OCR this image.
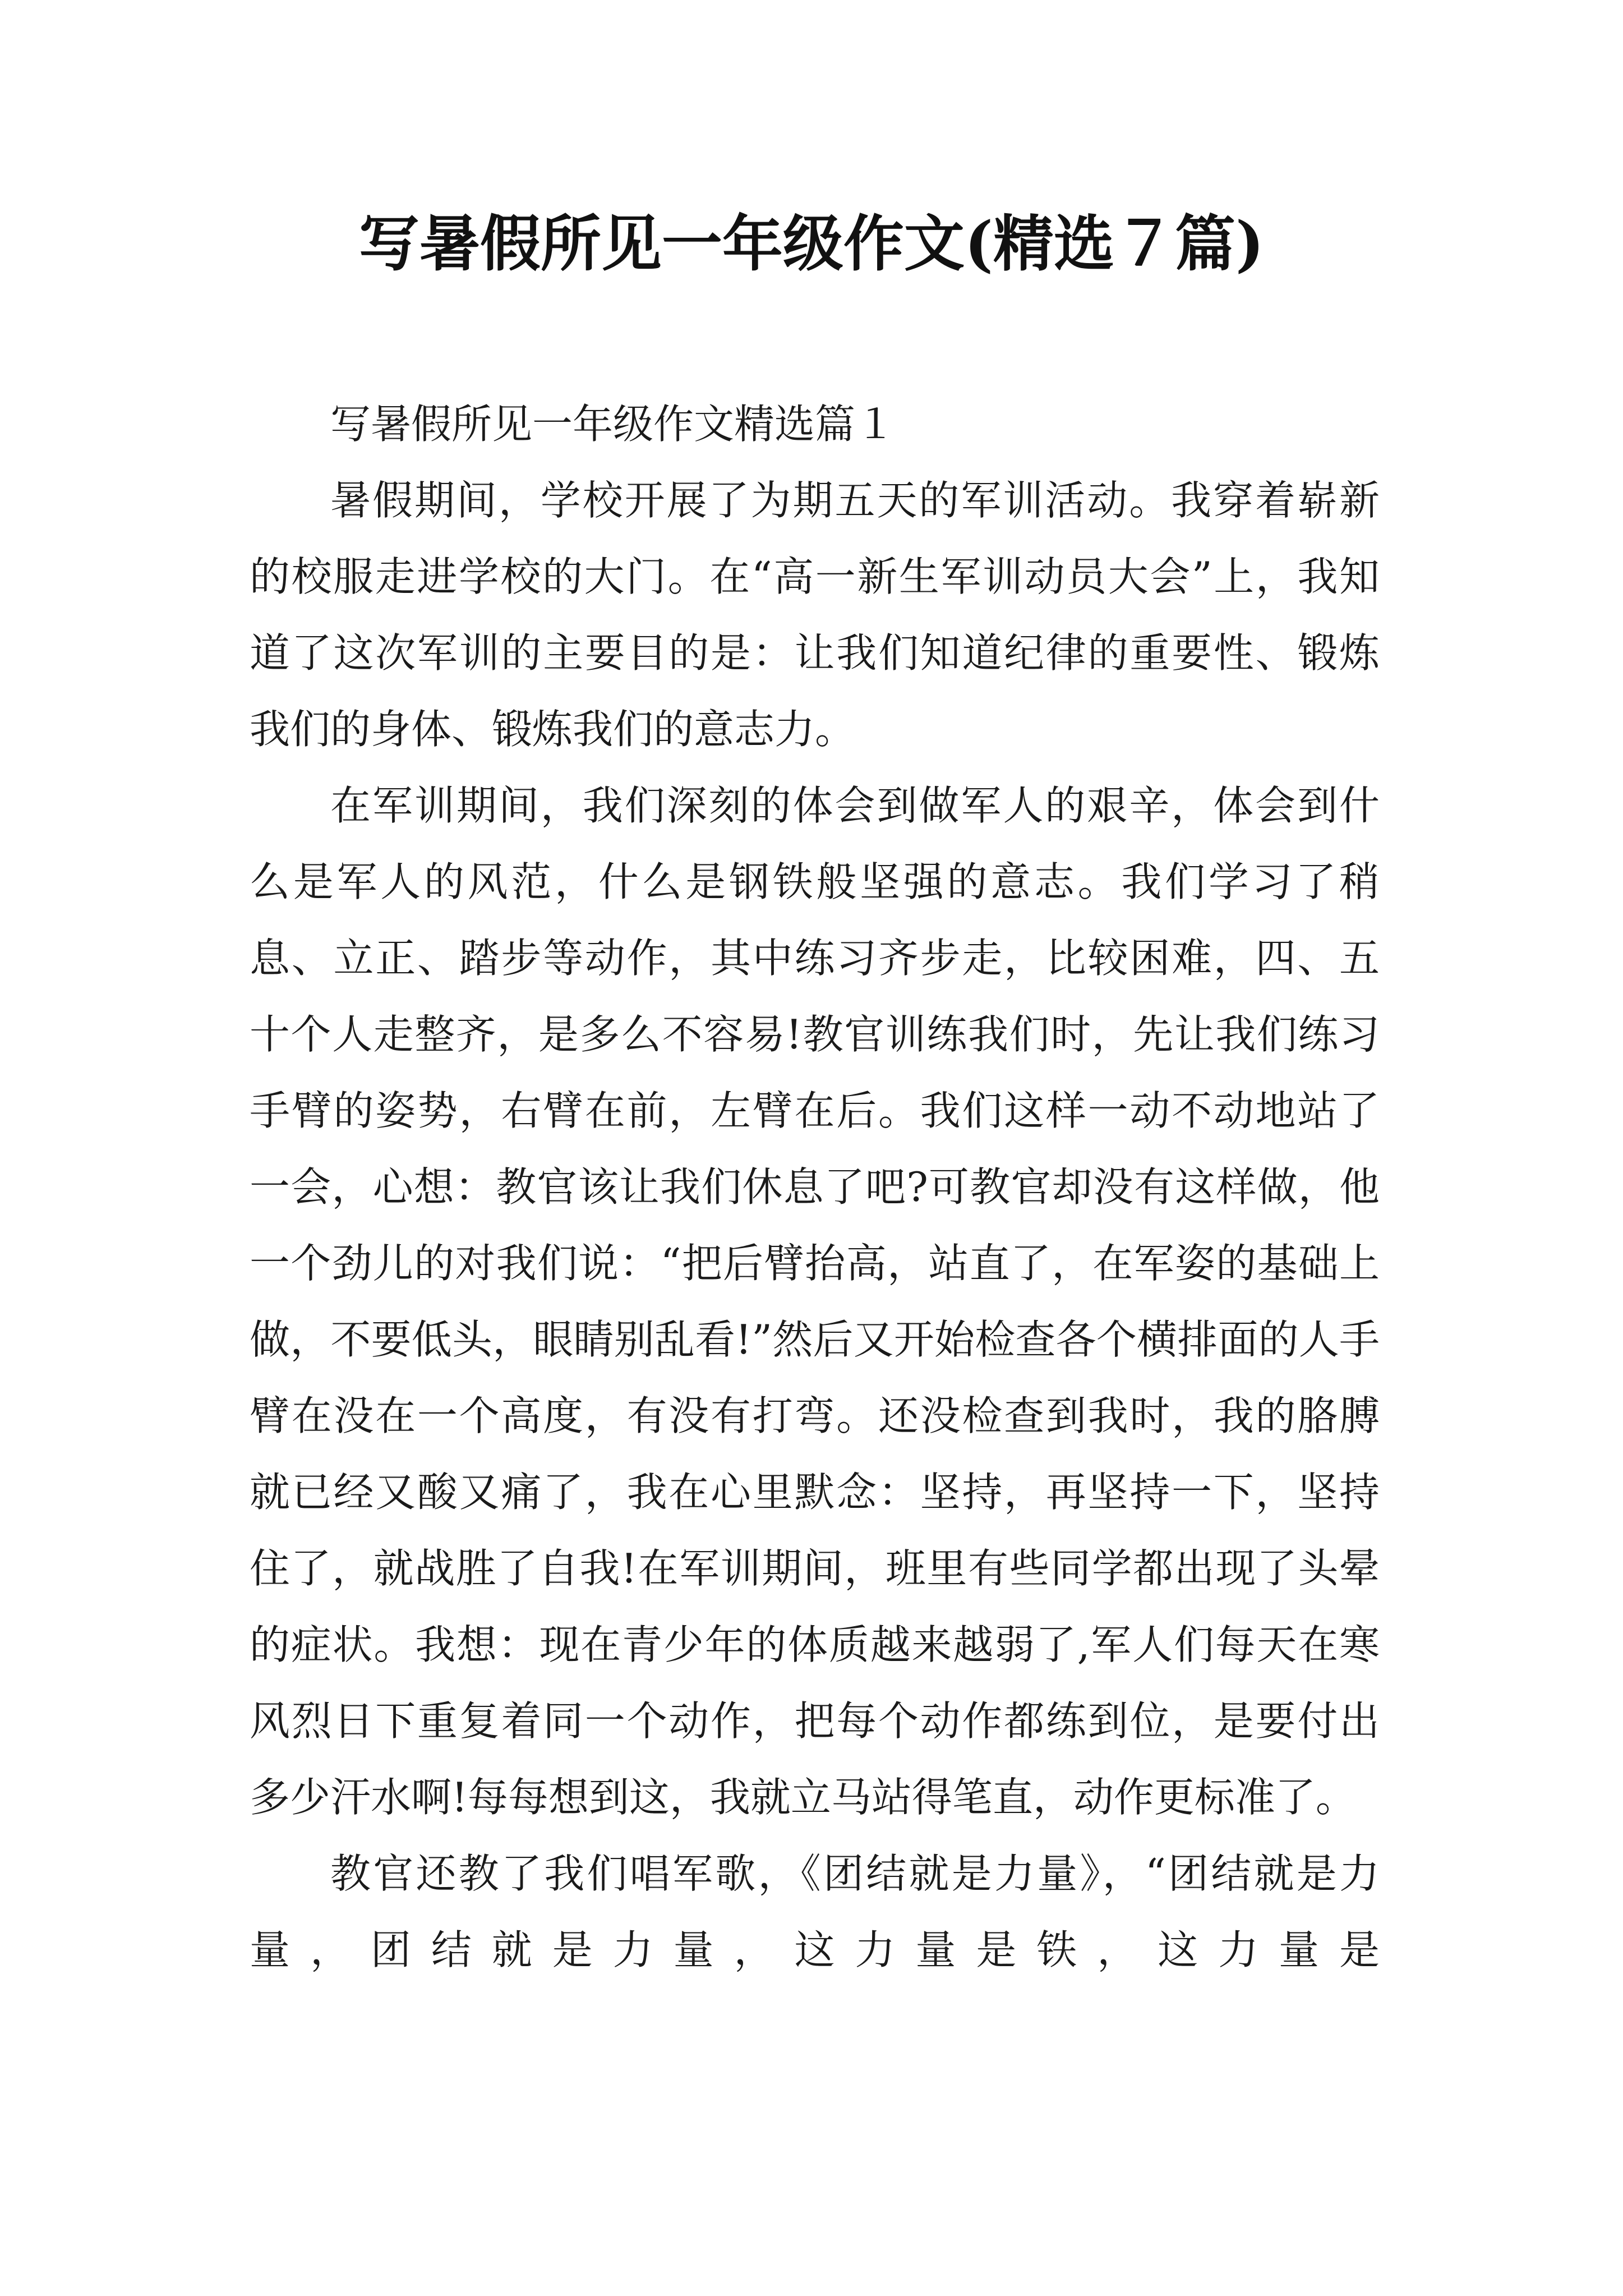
写暑假所见一年级作文(精选７篇)

写暑假所见一年级作文精选篇１

暑假期间，学校开展了为期五天的军训活动。我穿着崭新的校服走进学校的大门。在“高一新生军训动员大会”上，我知道了这次军训的主要目的是：让我们知道纪律的重要性、锻炼我们的身体、锻炼我们的意志力。

在军训期间，我们深刻的体会到做军人的艰辛，体会到什么是军人的风范，什么是钢铁般坚强的意志。我们学习了稍息、立正、踏步等动作，其中练习齐步走，比较困难，四、五十个人走整齐，是多么不容易!教官训练我们时，先让我们练习手臂的姿势，右臂在前，左臂在后。我们这样一动不动地站了一会，心想：教官该让我们休息了吧?可教官却没有这样做，他一个劲儿的对我们说：“把后臂抬高，站直了，在军姿的基础上做，不要低头，眼睛别乱看!”然后又开始检查各个横排面的人手臂在没在一个高度，有没有打弯。还没检查到我时，我的胳膊就已经又酸又痛了，我在心里默念：坚持，再坚持一下，坚持住了，就战胜了自我!在军训期间，班里有些同学都出现了头晕的症状。我想：现在青少年的体质越来越弱了,军人们每天在寒风烈日下重复着同一个动作，把每个动作都练到位，是要付出多少汗水啊!每每想到这，我就立马站得笔直，动作更标准了。

教官还教了我们唱军歌，《团结就是力量》，“团结就是力量，团结就是力量，这力量是铁，这力量是
